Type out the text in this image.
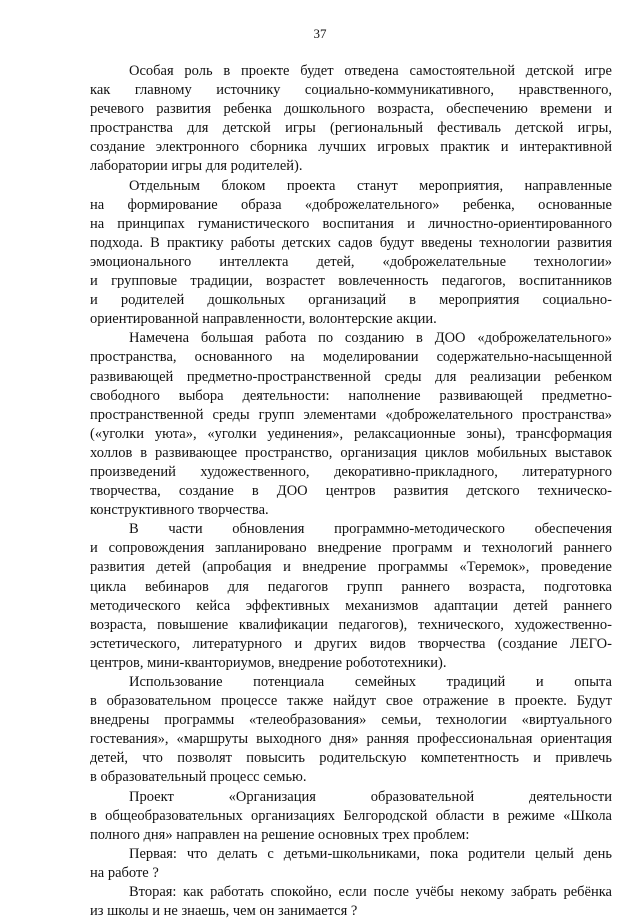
37
Особая роль в проекте будет отведена самостоятельной детской игре
как главному источнику социально-коммуникативного, нравственного,
речевого развития ребенка дошкольного возраста, обеспечению времени и
пространства для детской игры (региональный фестиваль детской игры,
создание электронного сборника лучших игровых практик и интерактивной
лаборатории игры для родителей).
Отдельным блоком проекта станут мероприятия, направленные
на формирование образа «доброжелательного» ребенка, основанные
на принципах гуманистического воспитания и личностно-ориентированного
подхода. В практику работы детских садов будут введены технологии развития
эмоционального интеллекта детей, «доброжелательные технологии»
и групповые традиции, возрастет вовлеченность педагогов, воспитанников
и родителей дошкольных организаций в мероприятия социально-
ориентированной направленности, волонтерские акции.
Намечена большая работа по созданию в ДОО «доброжелательного»
пространства, основанного на моделировании содержательно-насыщенной
развивающей предметно-пространственной среды для реализации ребенком
свободного выбора деятельности: наполнение развивающей предметно-
пространственной среды групп элементами «доброжелательного пространства»
(«уголки уюта», «уголки уединения», релаксационные зоны), трансформация
холлов в развивающее пространство, организация циклов мобильных выставок
произведений художественного, декоративно-прикладного, литературного
творчества, создание в ДОО центров развития детского техническо-
конструктивного творчества.
В части обновления программно-методического обеспечения
и сопровождения запланировано внедрение программ и технологий раннего
развития детей (апробация и внедрение программы «Теремок», проведение
цикла вебинаров для педагогов групп раннего возраста, подготовка
методического кейса эффективных механизмов адаптации детей раннего
возраста, повышение квалификации педагогов), технического, художественно-
эстетического, литературного и других видов творчества (создание ЛЕГО-
центров, мини-кванториумов, внедрение робототехники).
Использование потенциала семейных традиций и опыта
в образовательном процессе также найдут свое отражение в проекте. Будут
внедрены программы «телеобразования» семьи, технологии «виртуального
гостевания», «маршруты выходного дня» ранняя профессиональная ориентация
детей, что позволят повысить родительскую компетентность и привлечь
в образовательный процесс семью.
Проект «Организация образовательной деятельности
в общеобразовательных организациях Белгородской области в режиме «Школа
полного дня» направлен на решение основных трех проблем:
Первая: что делать с детьми-школьниками, пока родители целый день
на работе ?
Вторая: как работать спокойно, если после учёбы некому забрать ребёнка
из школы и не знаешь, чем он занимается ?
